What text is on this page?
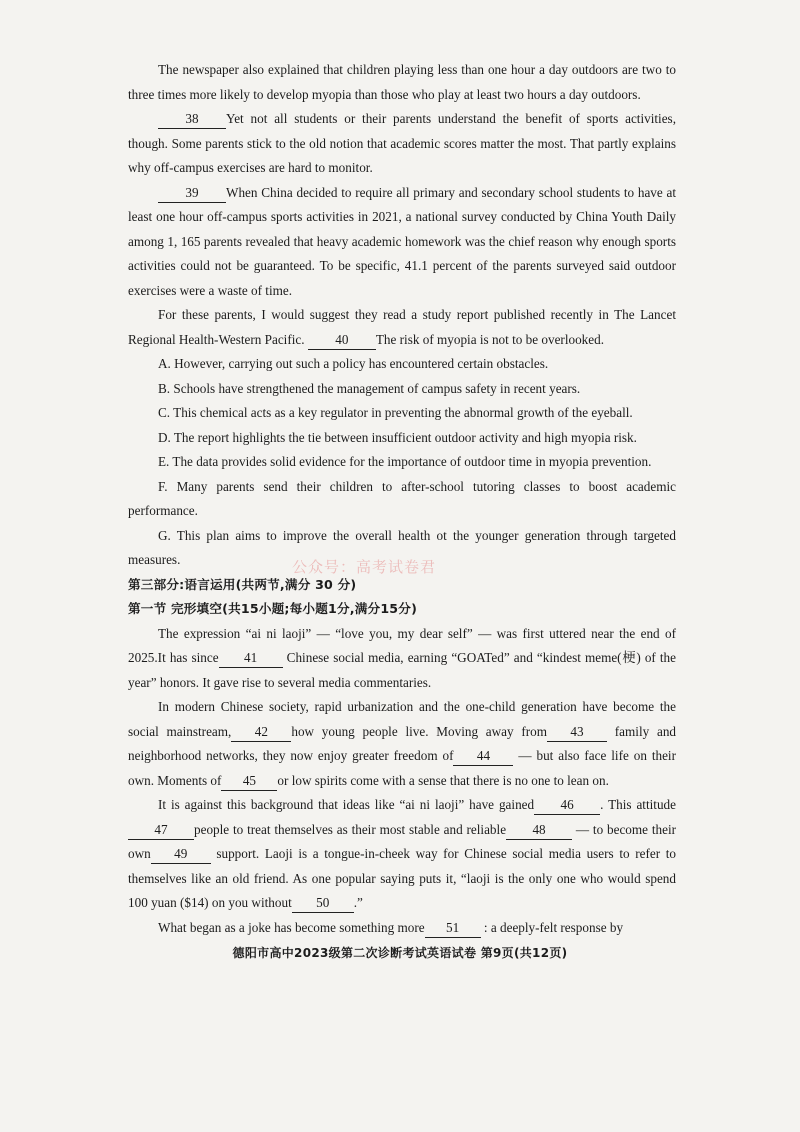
The newspaper also explained that children playing less than one hour a day outdoors are two to three times more likely to develop myopia than those who play at least two hours a day outdoors.

38 Yet not all students or their parents understand the benefit of sports activities, though. Some parents stick to the old notion that academic scores matter the most. That partly explains why off-campus exercises are hard to monitor.

39 When China decided to require all primary and secondary school students to have at least one hour off-campus sports activities in 2021, a national survey conducted by China Youth Daily among 1, 165 parents revealed that heavy academic homework was the chief reason why enough sports activities could not be guaranteed. To be specific, 41.1 percent of the parents surveyed said outdoor exercises were a waste of time.

For these parents, I would suggest they read a study report published recently in The Lancet Regional Health-Western Pacific. 40 The risk of myopia is not to be overlooked.

A. However, carrying out such a policy has encountered certain obstacles.

B. Schools have strengthened the management of campus safety in recent years.

C. This chemical acts as a key regulator in preventing the abnormal growth of the eyeball.

D. The report highlights the tie between insufficient outdoor activity and high myopia risk.

E. The data provides solid evidence for the importance of outdoor time in myopia prevention.

F. Many parents send their children to after-school tutoring classes to boost academic performance.

G. This plan aims to improve the overall health ot the younger generation through targeted measures.

第三部分:语言运用(共两节,满分 30 分)

第一节 完形填空(共15小题;每小题1分,满分15分)

The expression “ai ni laoji” — “love you, my dear self” — was first uttered near the end of 2025.It has since 41 Chinese social media, earning “GOATed” and “kindest meme(梗) of the year” honors. It gave rise to several media commentaries.

In modern Chinese society, rapid urbanization and the one-child generation have become the social mainstream, 42 how young people live. Moving away from 43 family and neighborhood networks, they now enjoy greater freedom of 44 — but also face life on their own. Moments of 45 or low spirits come with a sense that there is no one to lean on.

It is against this background that ideas like “ai ni laoji” have gained 46 . This attitude47 people to treat themselves as their most stable and reliable 48 — to become their own 49 support. Laoji is a tongue-in-cheek way for Chinese social media users to refer to themselves like an old friend. As one popular saying puts it, “laoji is the only one who would spend 100 yuan ($14) on you without 50 .”

What began as a joke has become something more 51 : a deeply-felt response by

公众号：高考试卷君
德阳市高中2023级第二次诊断考试英语试卷 第9页(共12页)
